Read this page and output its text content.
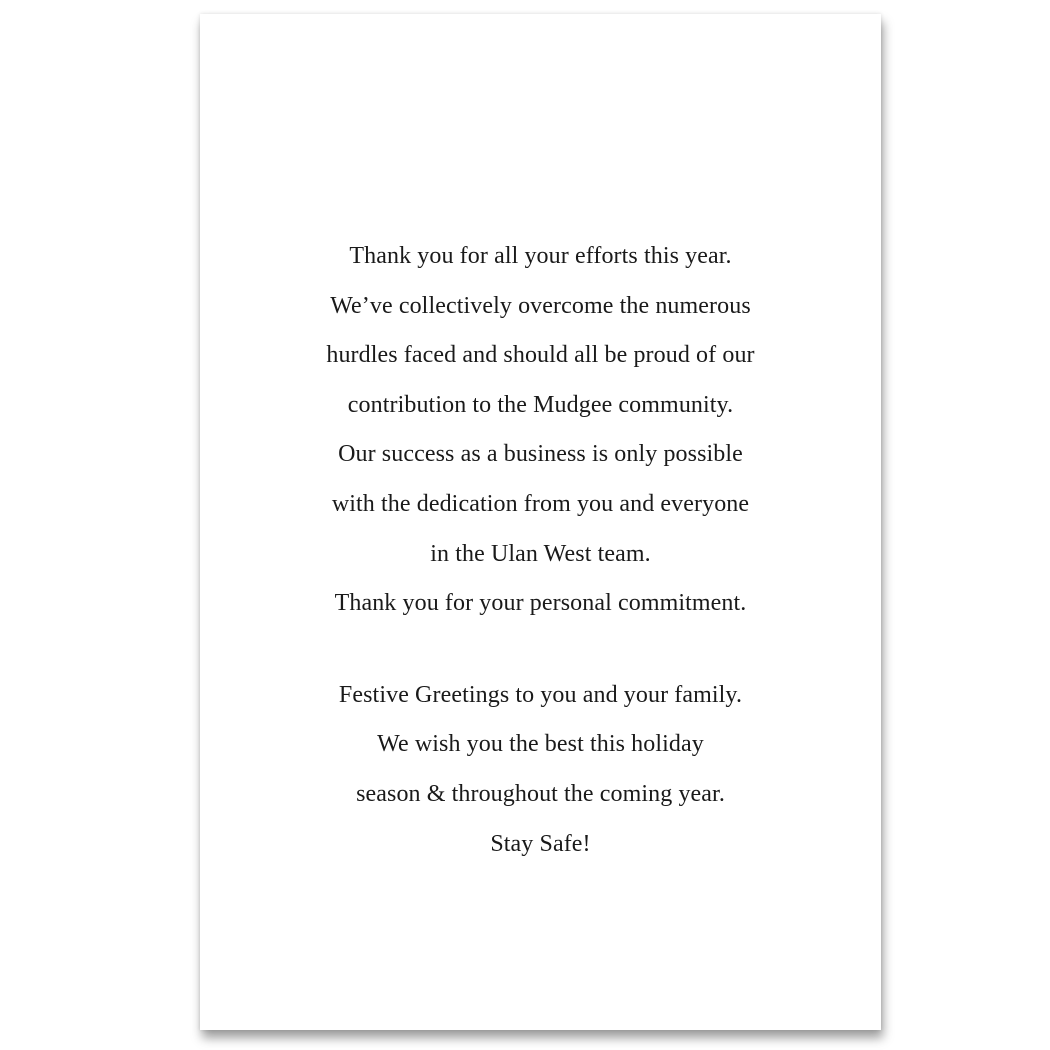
Thank you for all your efforts this year.
We’ve collectively overcome the numerous
hurdles faced and should all be proud of our
contribution to the Mudgee community.
Our success as a business is only possible
with the dedication from you and everyone
in the Ulan West team.
Thank you for your personal commitment.
Festive Greetings to you and your family.
We wish you the best this holiday
season & throughout the coming year.
Stay Safe!
